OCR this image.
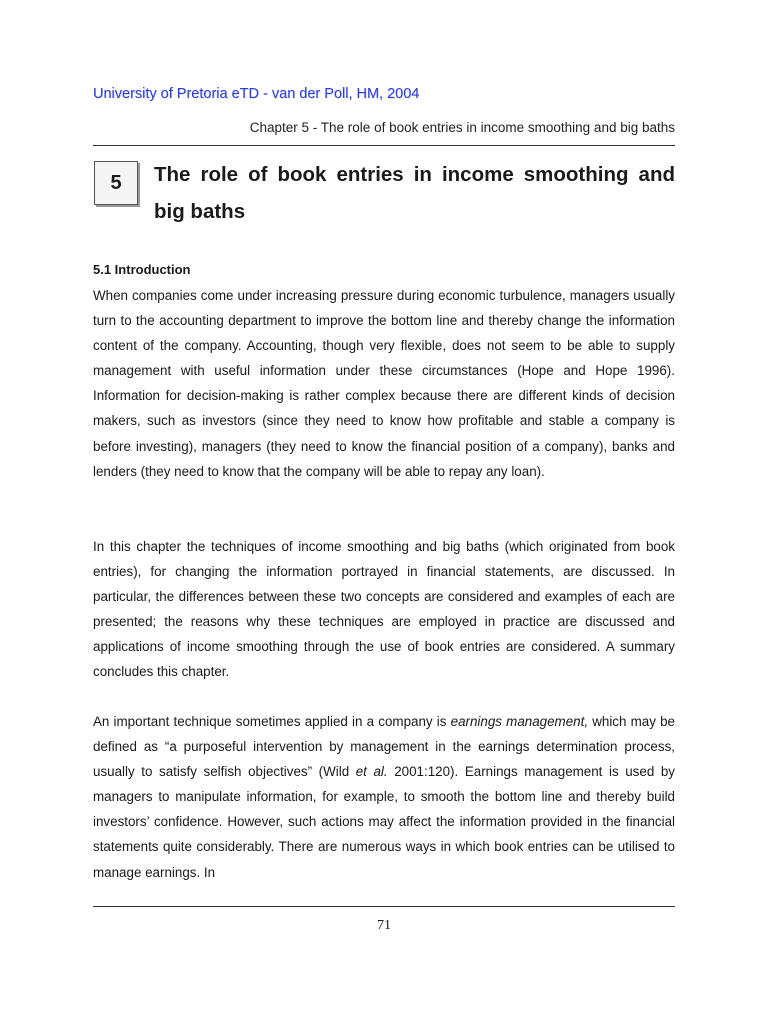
University of Pretoria eTD - van der Poll, HM, 2004
Chapter 5 - The role of book entries in income smoothing and big baths
5 The role of book entries in income smoothing and big baths
5.1 Introduction

When companies come under increasing pressure during economic turbulence, managers usually turn to the accounting department to improve the bottom line and thereby change the information content of the company. Accounting, though very flexible, does not seem to be able to supply management with useful information under these circumstances (Hope and Hope 1996). Information for decision-making is rather complex because there are different kinds of decision makers, such as investors (since they need to know how profitable and stable a company is before investing), managers (they need to know the financial position of a company), banks and lenders (they need to know that the company will be able to repay any loan).

In this chapter the techniques of income smoothing and big baths (which originated from book entries), for changing the information portrayed in financial statements, are discussed. In particular, the differences between these two concepts are considered and examples of each are presented; the reasons why these techniques are employed in practice are discussed and applications of income smoothing through the use of book entries are considered. A summary concludes this chapter.

An important technique sometimes applied in a company is earnings management, which may be defined as “a purposeful intervention by management in the earnings determination process, usually to satisfy selfish objectives” (Wild et al. 2001:120). Earnings management is used by managers to manipulate information, for example, to smooth the bottom line and thereby build investors’ confidence. However, such actions may affect the information provided in the financial statements quite considerably. There are numerous ways in which book entries can be utilised to manage earnings. In

71
